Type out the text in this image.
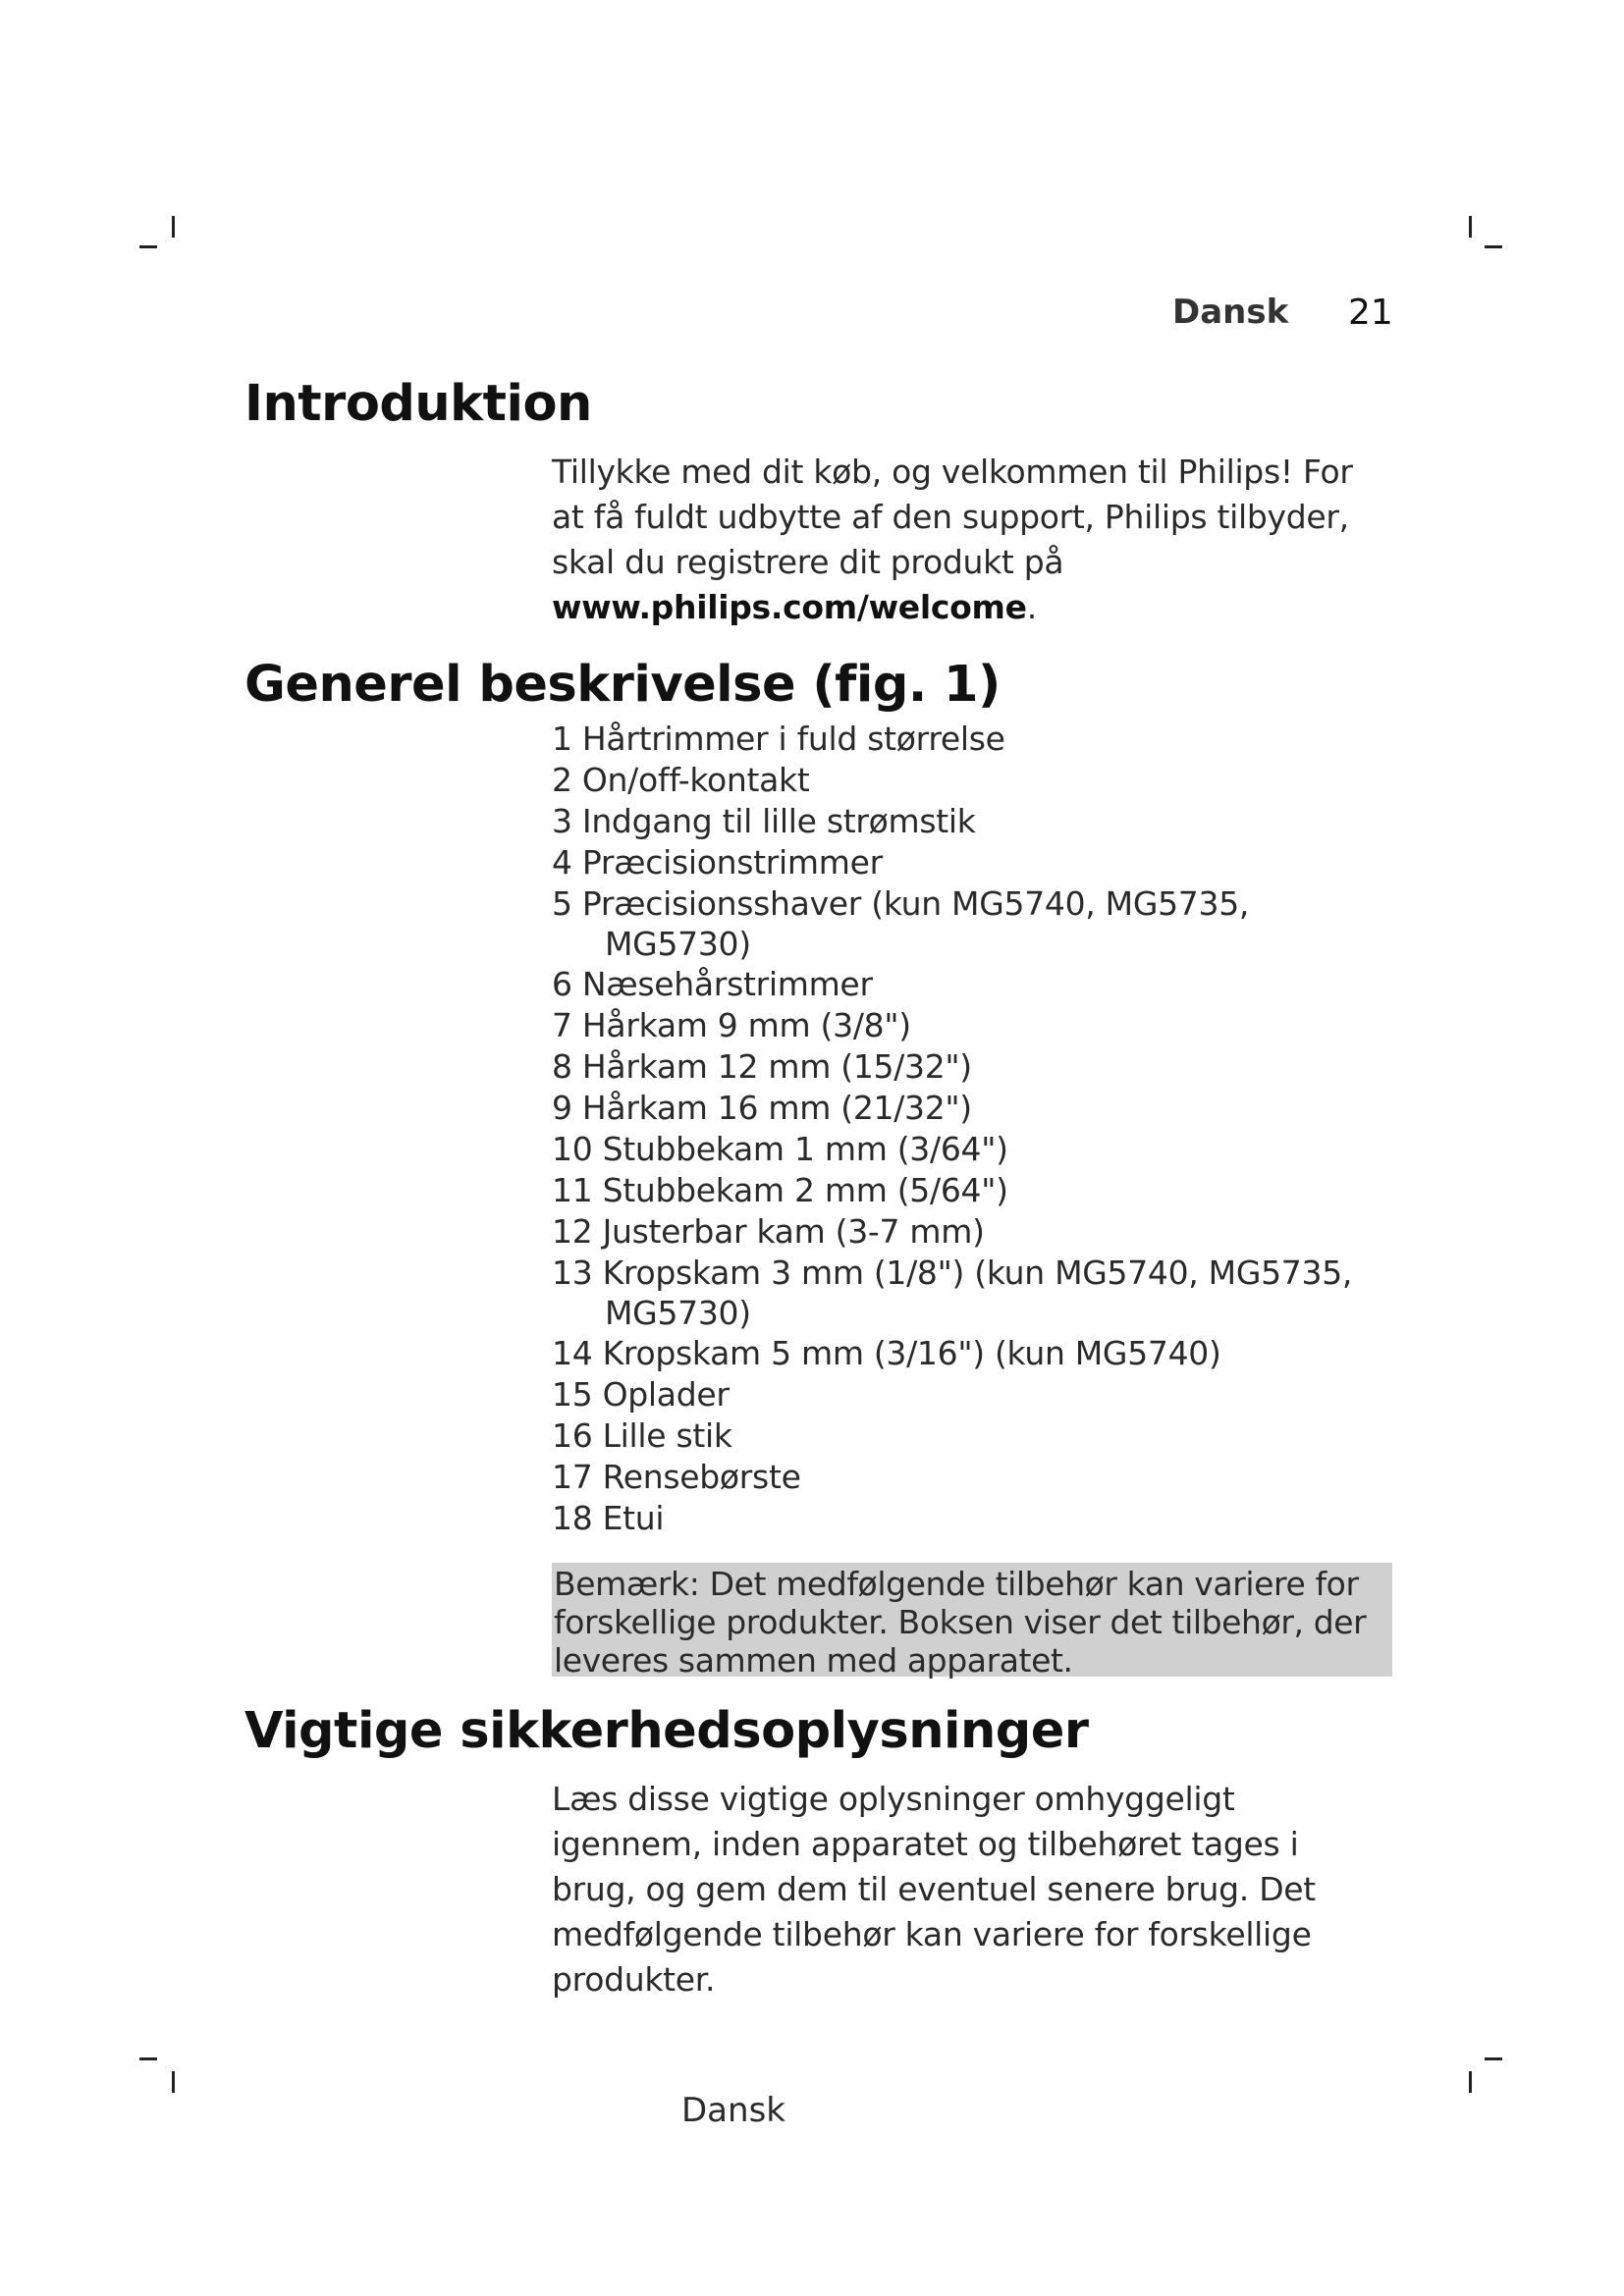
Dansk 21
Introduktion
Tillykke med dit køb, og velkommen til Philips! For
at få fuldt udbytte af den support, Philips tilbyder,
skal du registrere dit produkt på
www.philips.com/welcome.
Generel beskrivelse (fig. 1)
1 Hårtrimmer i fuld størrelse
2 On/off-kontakt
3 Indgang til lille strømstik
4 Præcisionstrimmer
5 Præcisionsshaver (kun MG5740, MG5735,
MG5730)
6 Næsehårstrimmer
7 Hårkam 9 mm (3/8")
8 Hårkam 12 mm (15/32")
9 Hårkam 16 mm (21/32")
10 Stubbekam 1 mm (3/64")
11 Stubbekam 2 mm (5/64")
12 Justerbar kam (3-7 mm)
13 Kropskam 3 mm (1/8") (kun MG5740, MG5735,
MG5730)
14 Kropskam 5 mm (3/16") (kun MG5740)
15 Oplader
16 Lille stik
17 Rensebørste
18 Etui
Bemærk: Det medfølgende tilbehør kan variere for
forskellige produkter. Boksen viser det tilbehør, der
leveres sammen med apparatet.
Vigtige sikkerhedsoplysninger
Læs disse vigtige oplysninger omhyggeligt
igennem, inden apparatet og tilbehøret tages i
brug, og gem dem til eventuel senere brug. Det
medfølgende tilbehør kan variere for forskellige
produkter.
Dansk
